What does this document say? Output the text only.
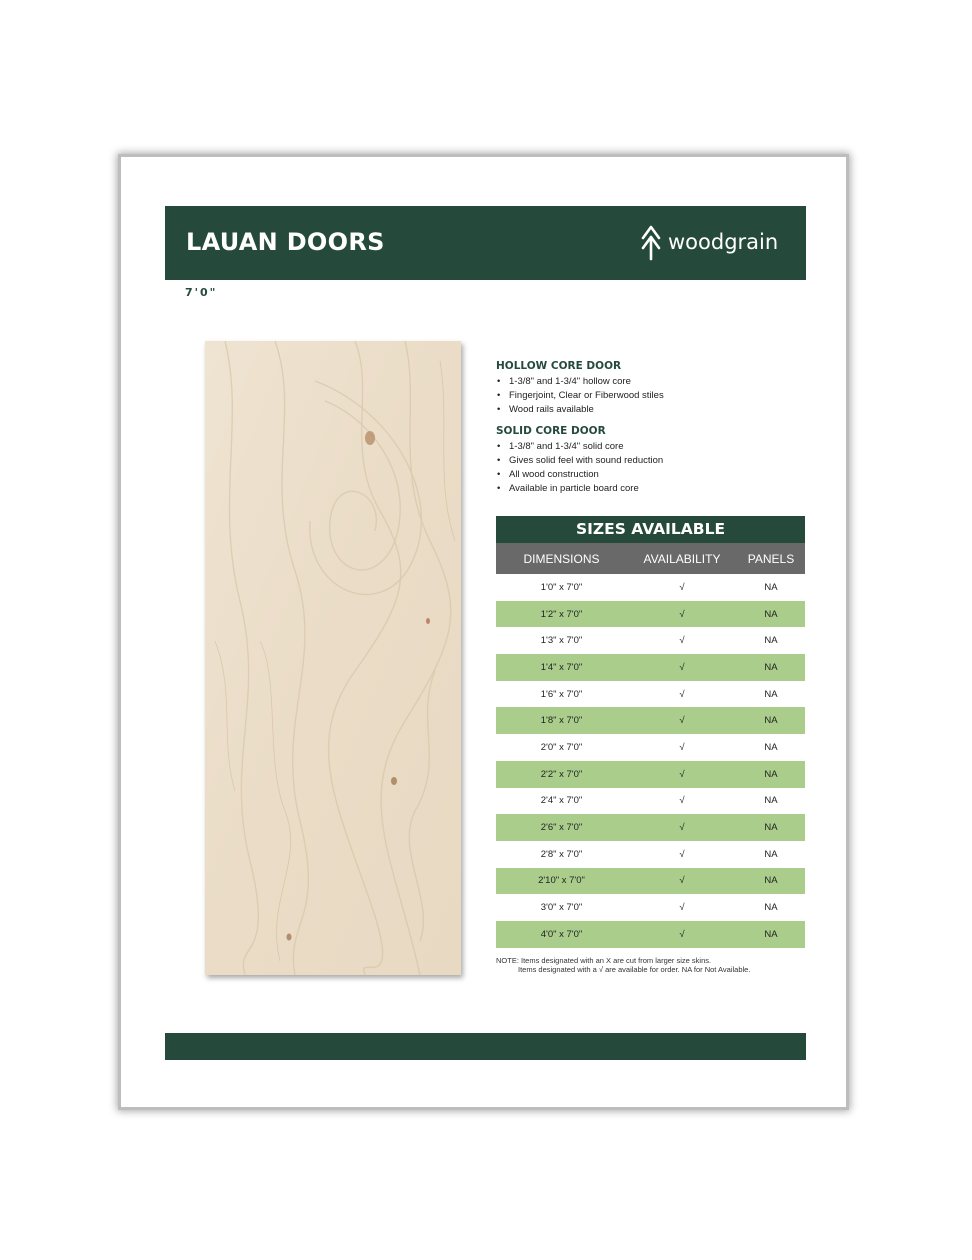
LAUAN DOORS	woodgrain
7'0"
HOLLOW CORE DOOR
• 1-3/8" and 1-3/4" hollow core
• Fingerjoint, Clear or Fiberwood stiles
• Wood rails available
SOLID CORE DOOR
• 1-3/8" and 1-3/4" solid core
• Gives solid feel with sound reduction
• All wood construction
• Available in particle board core
SIZES AVAILABLE
DIMENSIONS	AVAILABILITY	PANELS
1'0" x 7'0"	√	NA
1'2" x 7'0"	√	NA
1'3" x 7'0"	√	NA
1'4" x 7'0"	√	NA
1'6" x 7'0"	√	NA
1'8" x 7'0"	√	NA
2'0" x 7'0"	√	NA
2'2" x 7'0"	√	NA
2'4" x 7'0"	√	NA
2'6" x 7'0"	√	NA
2'8" x 7'0"	√	NA
2'10" x 7'0"	√	NA
3'0" x 7'0"	√	NA
4'0" x 7'0"	√	NA
NOTE: Items designated with an X are cut from larger size skins.
Items designated with a √ are available for order. NA for Not Available.
